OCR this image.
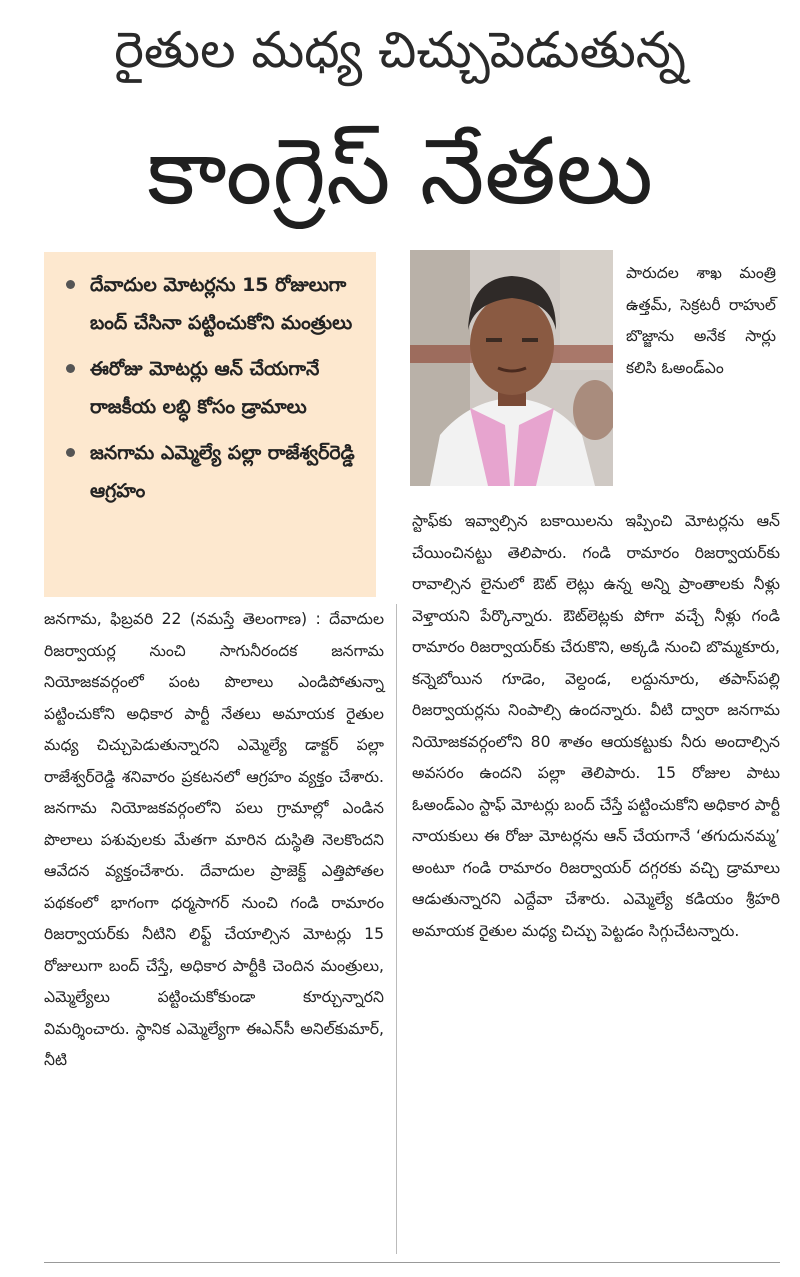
రైతుల మధ్య చిచ్చుపెడుతున్న
కాంగ్రెస్ నేతలు
దేవాదుల మోటర్లను 15 రోజులుగా బంద్ చేసినా పట్టించుకోని మంత్రులు
ఈరోజు మోటర్లు ఆన్ చేయగానే రాజకీయ లబ్ధి కోసం డ్రామాలు
జనగామ ఎమ్మెల్యే పల్లా రాజేశ్వర్‌రెడ్డి ఆగ్రహం

పారుదల శాఖ మంత్రి ఉత్తమ్, సెక్రటరీ రాహుల్ బొజ్జాను అనేక సార్లు కలిసి ఓఅండ్ఎం

జనగామ, ఫిబ్రవరి 22 (నమస్తే తెలంగాణ) : దేవాదుల రిజర్వాయర్ల నుంచి సాగునీరందక జనగామ నియోజకవర్గంలో పంట పొలాలు ఎండిపోతున్నా పట్టించుకోని అధికార పార్టీ నేతలు అమాయక రైతుల మధ్య చిచ్చుపెడుతున్నారని ఎమ్మెల్యే డాక్టర్ పల్లా రాజేశ్వర్‌రెడ్డి శనివారం ప్రకటనలో ఆగ్రహం వ్యక్తం చేశారు. జనగామ నియోజకవర్గంలోని పలు గ్రామాల్లో ఎండిన పొలాలు పశువులకు మేతగా మారిన దుస్థితి నెలకొందని ఆవేదన వ్యక్తంచేశారు. దేవాదుల ప్రాజెక్ట్ ఎత్తిపోతల పథకంలో భాగంగా ధర్మసాగర్ నుంచి గండి రామారం రిజర్వాయర్‌కు నీటిని లిఫ్ట్ చేయాల్సిన మోటర్లు 15 రోజులుగా బంద్ చేస్తే, అధికార పార్టీకి చెందిన మంత్రులు, ఎమ్మెల్యేలు పట్టించుకోకుండా కూర్చున్నారని విమర్శించారు. స్థానిక ఎమ్మెల్యేగా ఈఎన్‌సీ అనిల్‌కుమార్, నీటి

స్టాఫ్‌కు ఇవ్వాల్సిన బకాయిలను ఇప్పించి మోటర్లను ఆన్ చేయించినట్టు తెలిపారు. గండి రామారం రిజర్వాయర్‌కు రావాల్సిన లైనులో ఔట్ లెట్లు ఉన్న అన్ని ప్రాంతాలకు నీళ్లు వెళ్తాయని పేర్కొన్నారు. ఔట్‌లెట్లకు పోగా వచ్చే నీళ్లు గండి రామారం రిజర్వాయర్‌కు చేరుకొని, అక్కడి నుంచి బొమ్మకూరు, కన్నెబోయిన గూడెం, వెల్దండ, లద్దునూరు, తపాస్‌పల్లి రిజర్వాయర్లను నింపాల్సి ఉందన్నారు. వీటి ద్వారా జనగామ నియోజకవర్గంలోని 80 శాతం ఆయకట్టుకు నీరు అందాల్సిన అవసరం ఉందని పల్లా తెలిపారు. 15 రోజుల పాటు ఓఅండ్ఎం స్టాఫ్ మోటర్లు బంద్ చేస్తే పట్టించుకోని అధికార పార్టీ నాయకులు ఈ రోజు మోటర్లను ఆన్ చేయగానే ‘తగుదునమ్మ’ అంటూ గండి రామారం రిజర్వాయర్ దగ్గరకు వచ్చి డ్రామాలు ఆడుతున్నారని ఎద్దేవా చేశారు. ఎమ్మెల్యే కడియం శ్రీహరి అమాయక రైతుల మధ్య చిచ్చు పెట్టడం సిగ్గుచేటన్నారు.
